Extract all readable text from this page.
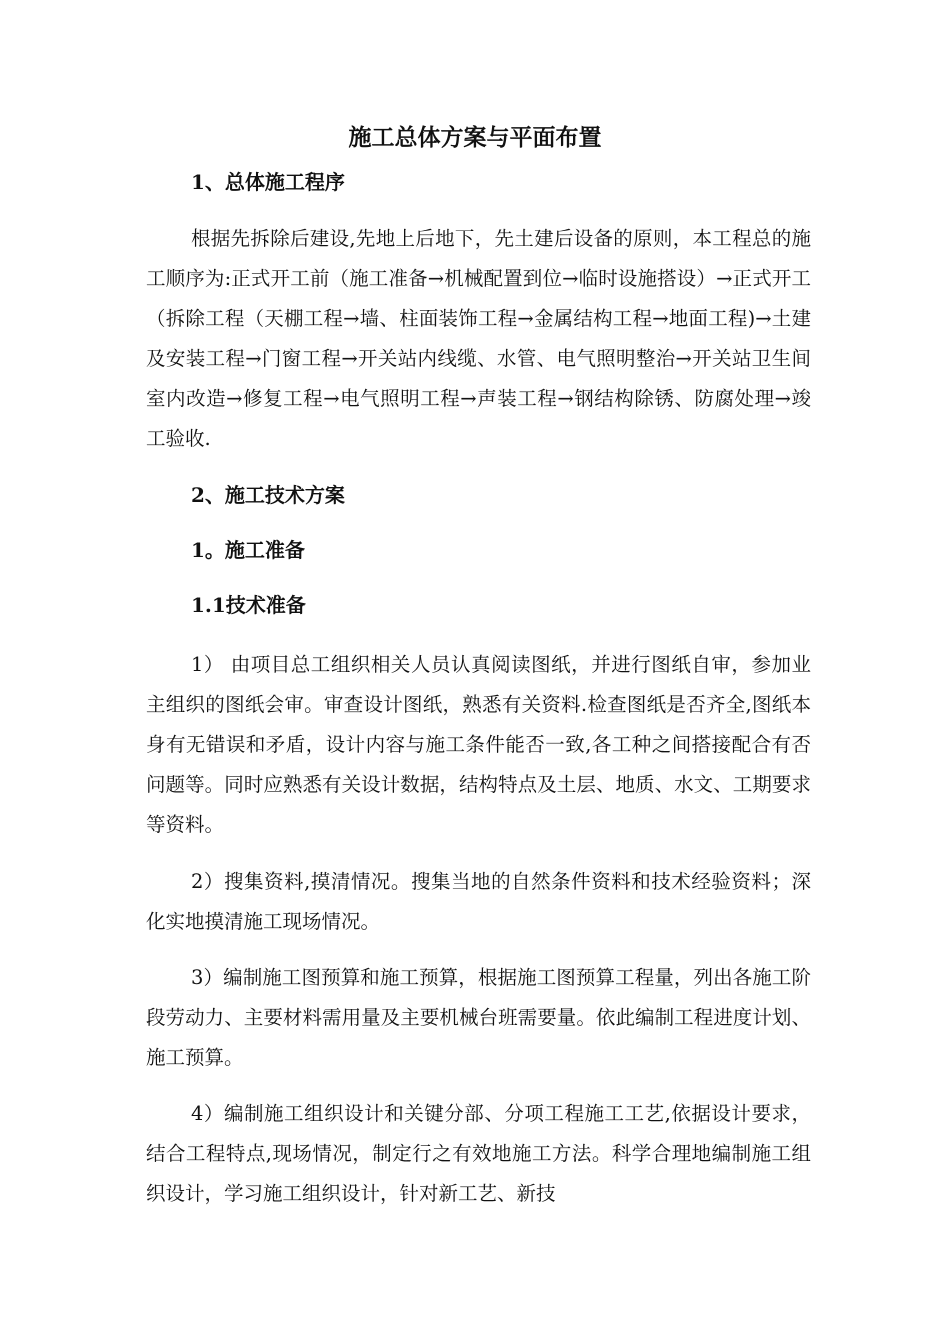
施工总体方案与平面布置
1、总体施工程序

根据先拆除后建设,先地上后地下，先土建后设备的原则，本工程总的施工顺序为:正式开工前（施工准备→机械配置到位→临时设施搭设）→正式开工（拆除工程（天棚工程→墙、柱面装饰工程→金属结构工程→地面工程)→土建及安装工程→门窗工程→开关站内线缆、水管、电气照明整治→开关站卫生间室内改造→修复工程→电气照明工程→声装工程→钢结构除锈、防腐处理→竣工验收.

2、施工技术方案
1。施工准备
1.1技术准备

1） 由项目总工组织相关人员认真阅读图纸，并进行图纸自审，参加业主组织的图纸会审。审查设计图纸，熟悉有关资料.检查图纸是否齐全,图纸本身有无错误和矛盾，设计内容与施工条件能否一致,各工种之间搭接配合有否问题等。同时应熟悉有关设计数据，结构特点及土层、地质、水文、工期要求等资料。

2）搜集资料,摸清情况。搜集当地的自然条件资料和技术经验资料；深化实地摸清施工现场情况。

3）编制施工图预算和施工预算，根据施工图预算工程量，列出各施工阶段劳动力、主要材料需用量及主要机械台班需要量。依此编制工程进度计划、施工预算。

4）编制施工组织设计和关键分部、分项工程施工工艺,依据设计要求，结合工程特点,现场情况，制定行之有效地施工方法。科学合理地编制施工组织设计，学习施工组织设计，针对新工艺、新技
